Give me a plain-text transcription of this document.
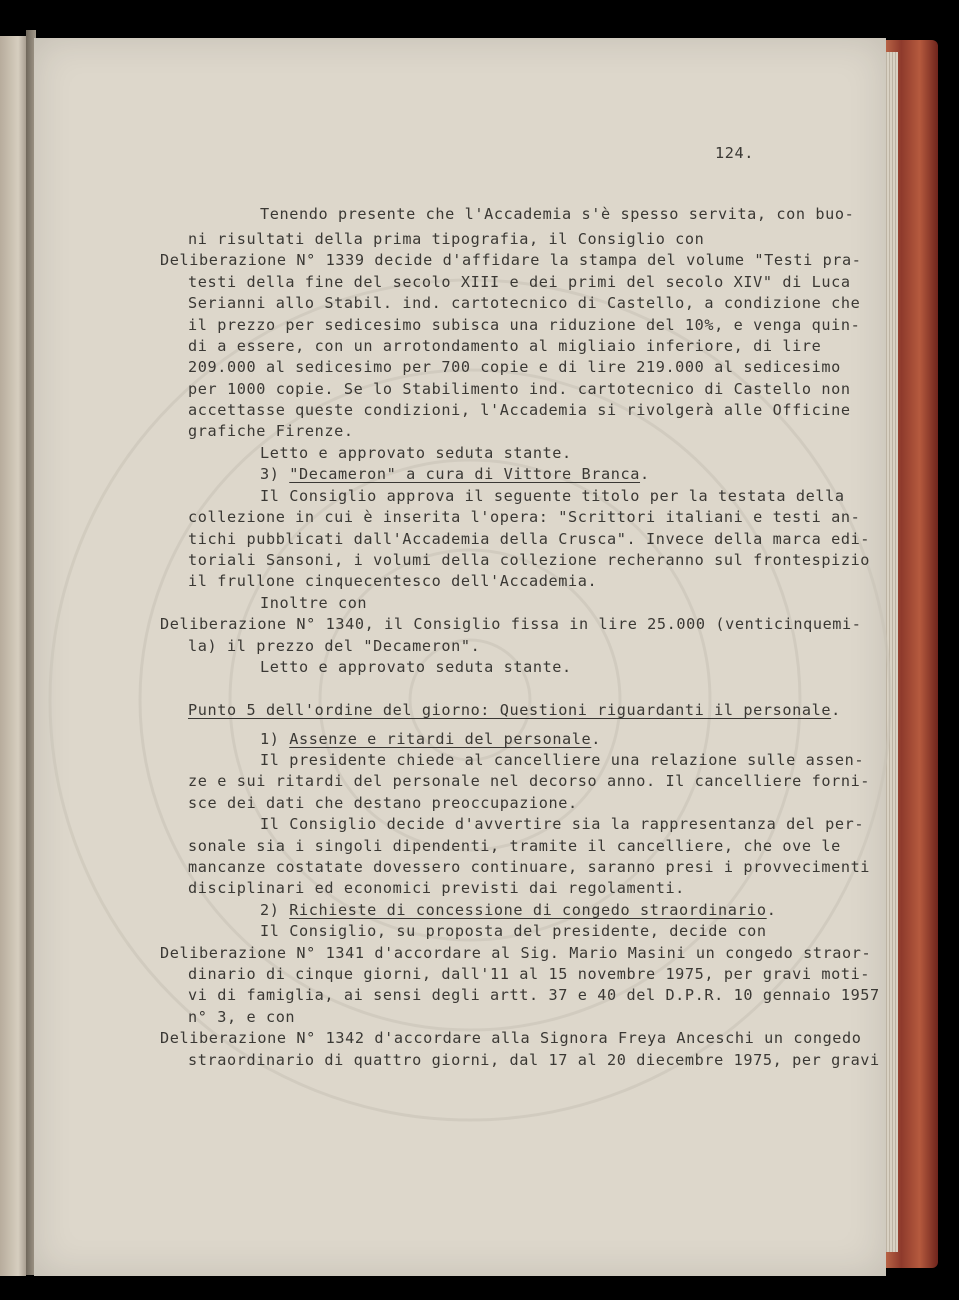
124.
Tenendo presente che l'Accademia s'è spesso servita, con buo-
ni risultati della prima tipografia, il Consiglio con
Deliberazione N° 1339 decide d'affidare la stampa del volume "Testi pra-
testi della fine del secolo XIII e dei primi del secolo XIV" di Luca
Serianni allo Stabil. ind. cartotecnico di Castello, a condizione che
il prezzo per sedicesimo subisca una riduzione del 10%, e venga quin-
di a essere, con un arrotondamento al migliaio inferiore, di lire
209.000 al sedicesimo per 700 copie e di lire 219.000 al sedicesimo
per 1000 copie. Se lo Stabilimento ind. cartotecnico di Castello non
accettasse queste condizioni, l'Accademia si rivolgerà alle Officine
grafiche Firenze.
Letto e approvato seduta stante.
3) "Decameron" a cura di Vittore Branca.
Il Consiglio approva il seguente titolo per la testata della
collezione in cui è inserita l'opera: "Scrittori italiani e testi an-
tichi pubblicati dall'Accademia della Crusca". Invece della marca edi-
toriali Sansoni, i volumi della collezione recheranno sul frontespizio
il frullone cinquecentesco dell'Accademia.
Inoltre con
Deliberazione N° 1340, il Consiglio fissa in lire 25.000 (venticinquemi-
la) il prezzo del "Decameron".
Letto e approvato seduta stante.
Punto 5 dell'ordine del giorno: Questioni riguardanti il personale.
1) Assenze e ritardi del personale.
Il presidente chiede al cancelliere una relazione sulle assen-
ze e sui ritardi del personale nel decorso anno. Il cancelliere forni-
sce dei dati che destano preoccupazione.
Il Consiglio decide d'avvertire sia la rappresentanza del per-
sonale sia i singoli dipendenti, tramite il cancelliere, che ove le
mancanze costatate dovessero continuare, saranno presi i provvecimenti
disciplinari ed economici previsti dai regolamenti.
2) Richieste di concessione di congedo straordinario.
Il Consiglio, su proposta del presidente, decide con
Deliberazione N° 1341 d'accordare al Sig. Mario Masini un congedo straor-
dinario di cinque giorni, dall'11 al 15 novembre 1975, per gravi moti-
vi di famiglia, ai sensi degli artt. 37 e 40 del D.P.R. 10 gennaio 1957
n° 3, e con
Deliberazione N° 1342 d'accordare alla Signora Freya Anceschi un congedo
straordinario di quattro giorni, dal 17 al 20 diecembre 1975, per gravi
